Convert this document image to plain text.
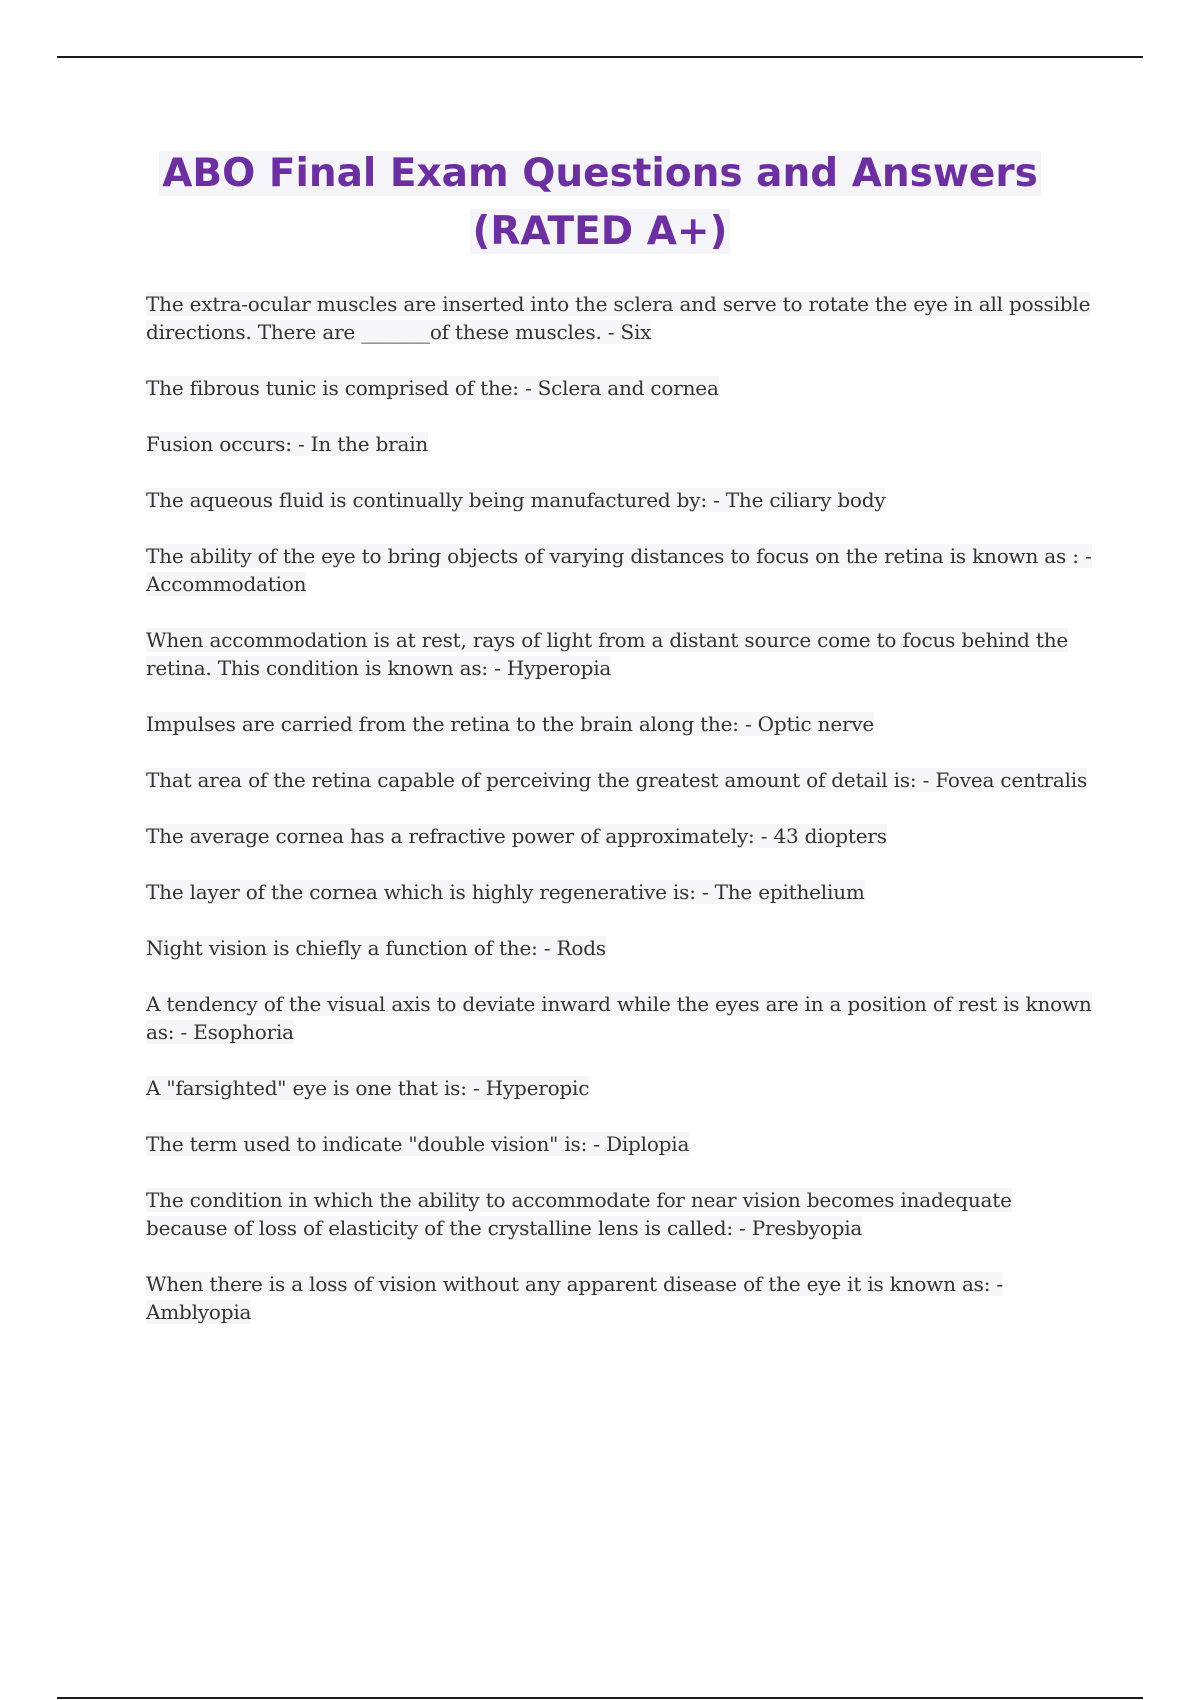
ABO Final Exam Questions and Answers
(RATED A+)
The extra-ocular muscles are inserted into the sclera and serve to rotate the eye in all possible directions. There are _______of these muscles. - Six
The fibrous tunic is comprised of the: - Sclera and cornea
Fusion occurs: - In the brain
The aqueous fluid is continually being manufactured by: - The ciliary body
The ability of the eye to bring objects of varying distances to focus on the retina is known as : - Accommodation
When accommodation is at rest, rays of light from a distant source come to focus behind the retina. This condition is known as: - Hyperopia
Impulses are carried from the retina to the brain along the: - Optic nerve
That area of the retina capable of perceiving the greatest amount of detail is: - Fovea centralis
The average cornea has a refractive power of approximately: - 43 diopters
The layer of the cornea which is highly regenerative is: - The epithelium
Night vision is chiefly a function of the: - Rods
A tendency of the visual axis to deviate inward while the eyes are in a position of rest is known as: - Esophoria
A "farsighted" eye is one that is: - Hyperopic
The term used to indicate "double vision" is: - Diplopia
The condition in which the ability to accommodate for near vision becomes inadequate because of loss of elasticity of the crystalline lens is called: - Presbyopia
When there is a loss of vision without any apparent disease of the eye it is known as: - Amblyopia
